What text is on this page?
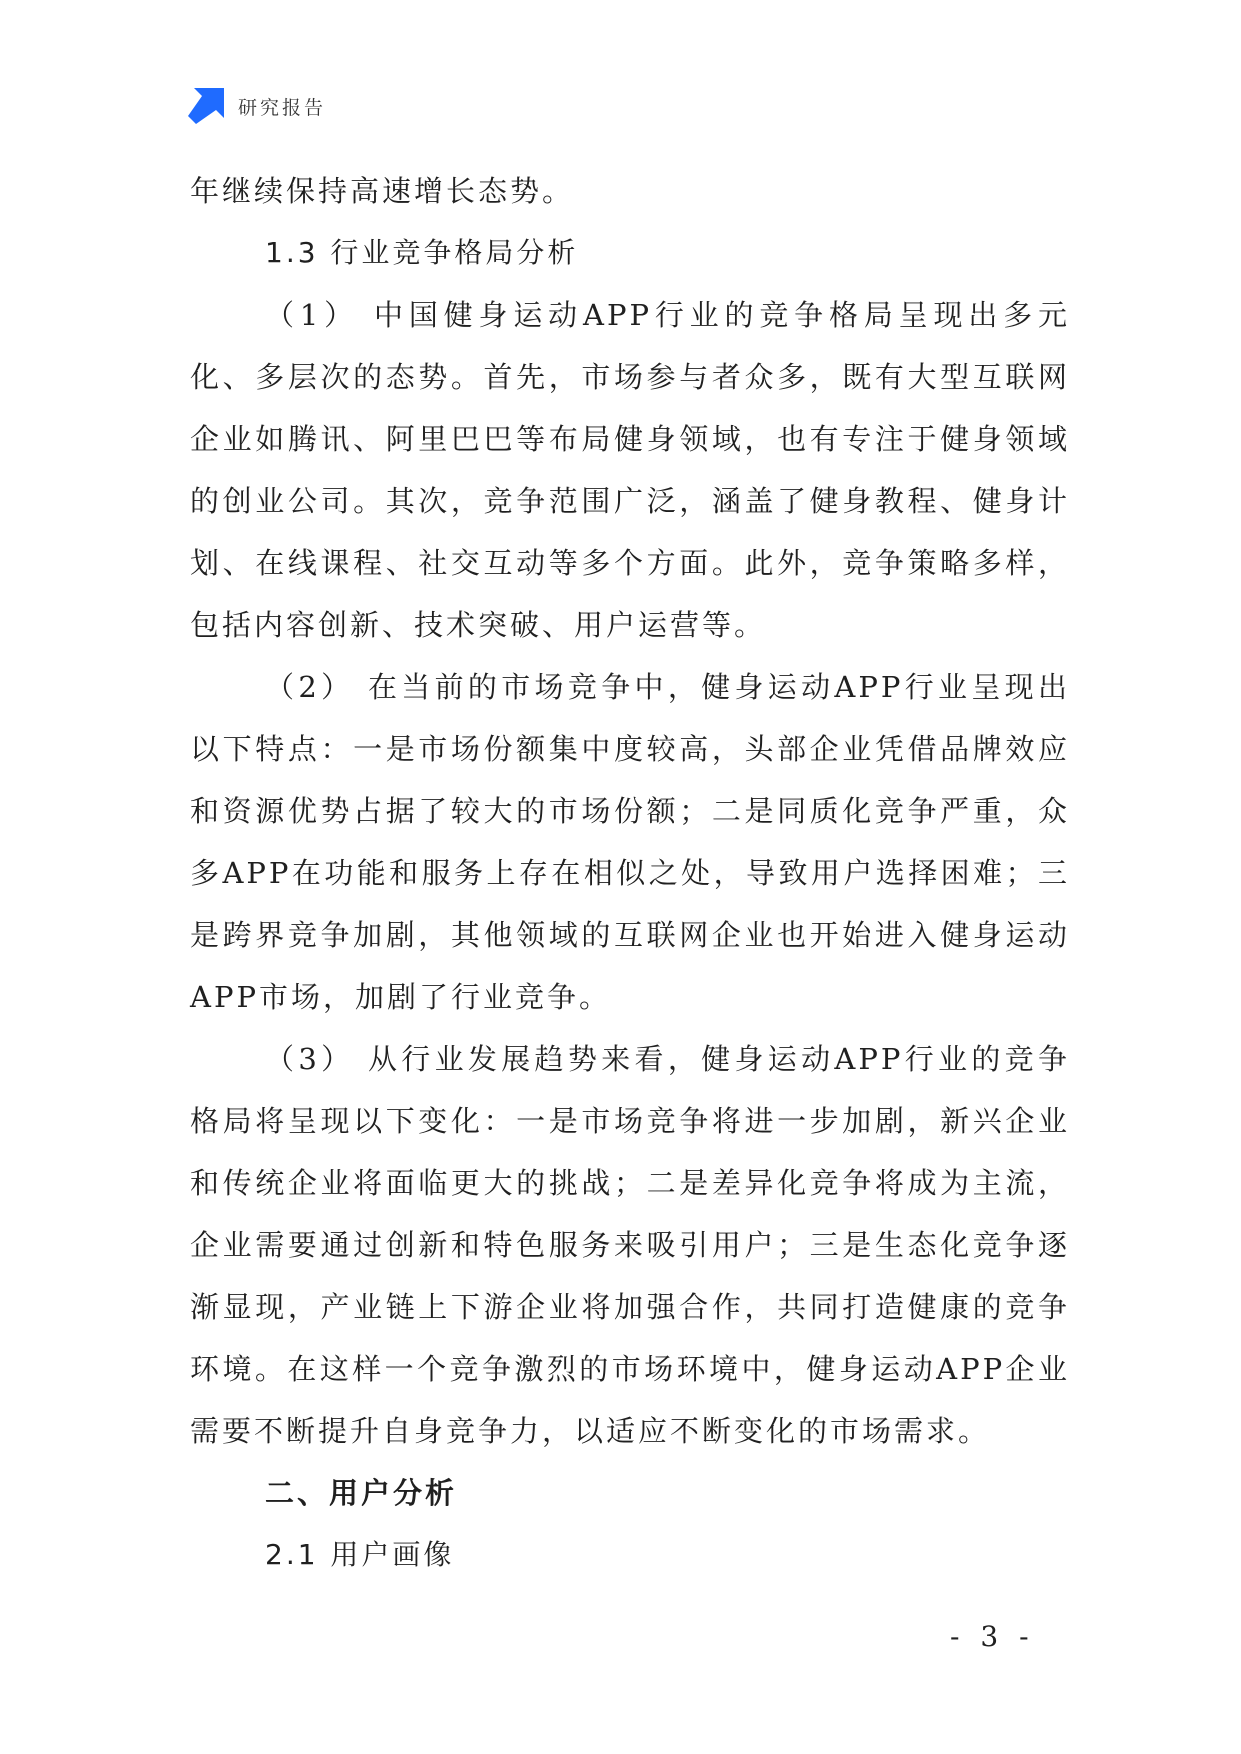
研究报告

年继续保持高速增长态势。

1.3 行业竞争格局分析

（1） 中国健身运动APP行业的竞争格局呈现出多元化、多层次的态势。首先，市场参与者众多，既有大型互联网企业如腾讯、阿里巴巴等布局健身领域，也有专注于健身领域的创业公司。其次，竞争范围广泛，涵盖了健身教程、健身计划、在线课程、社交互动等多个方面。此外，竞争策略多样，包括内容创新、技术突破、用户运营等。

（2） 在当前的市场竞争中，健身运动APP行业呈现出以下特点：一是市场份额集中度较高，头部企业凭借品牌效应和资源优势占据了较大的市场份额；二是同质化竞争严重，众多APP在功能和服务上存在相似之处，导致用户选择困难；三是跨界竞争加剧，其他领域的互联网企业也开始进入健身运动APP市场，加剧了行业竞争。

（3） 从行业发展趋势来看，健身运动APP行业的竞争格局将呈现以下变化：一是市场竞争将进一步加剧，新兴企业和传统企业将面临更大的挑战；二是差异化竞争将成为主流，企业需要通过创新和特色服务来吸引用户；三是生态化竞争逐渐显现，产业链上下游企业将加强合作，共同打造健康的竞争环境。在这样一个竞争激烈的市场环境中，健身运动APP企业需要不断提升自身竞争力，以适应不断变化的市场需求。

二、用户分析
2.1 用户画像
- 3 -
